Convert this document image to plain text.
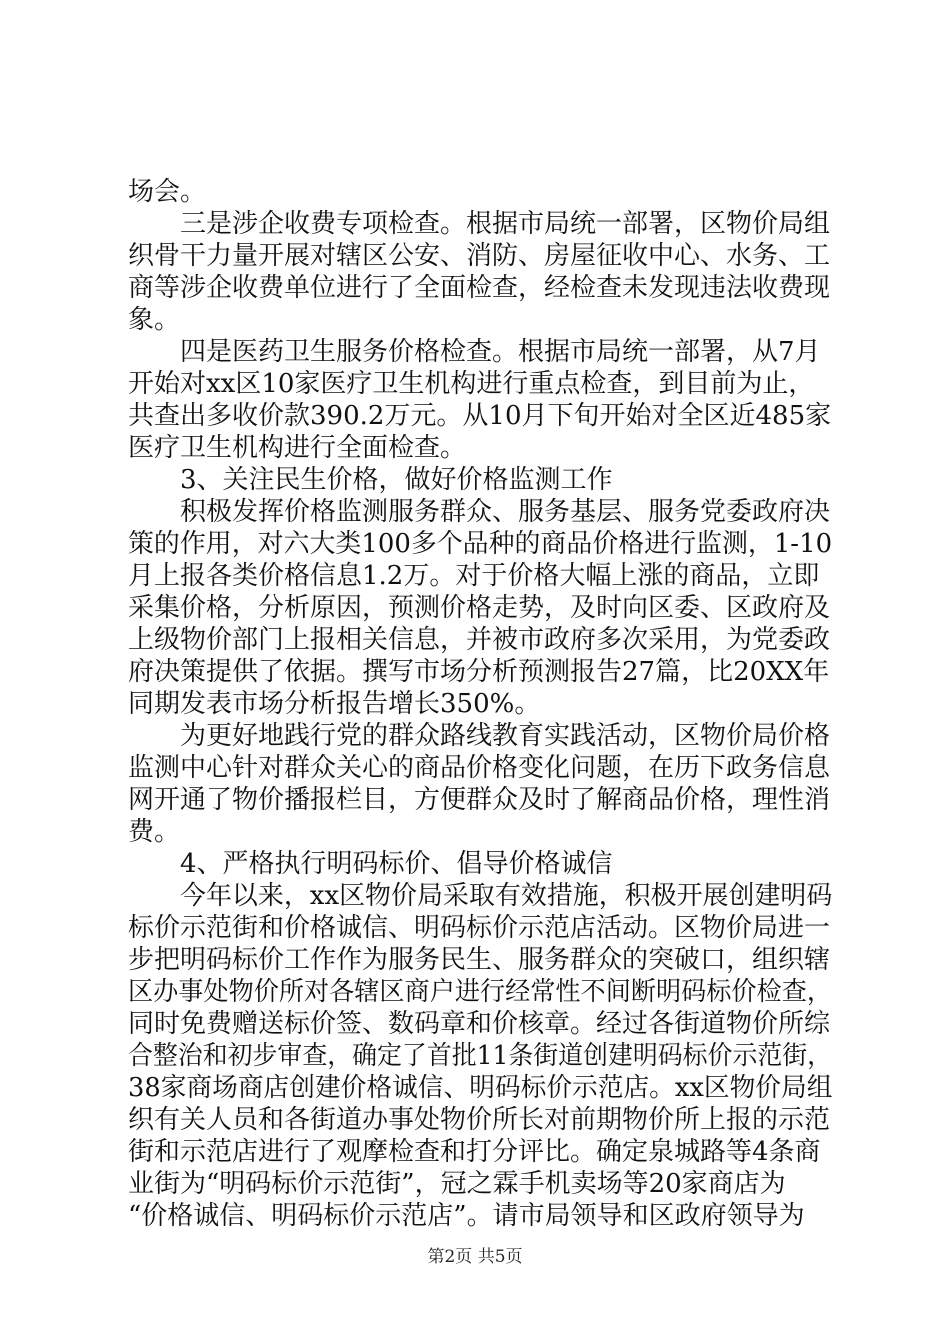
场会。
三是涉企收费专项检查。根据市局统一部署，区物价局组
织骨干力量开展对辖区公安、消防、房屋征收中心、水务、工
商等涉企收费单位进行了全面检查，经检查未发现违法收费现
象。
四是医药卫生服务价格检查。根据市局统一部署，从7月
开始对xx区10家医疗卫生机构进行重点检查，到目前为止，
共查出多收价款390.2万元。从10月下旬开始对全区近485家
医疗卫生机构进行全面检查。
3、关注民生价格，做好价格监测工作
积极发挥价格监测服务群众、服务基层、服务党委政府决
策的作用，对六大类100多个品种的商品价格进行监测，1-10
月上报各类价格信息1.2万。对于价格大幅上涨的商品，立即
采集价格，分析原因，预测价格走势，及时向区委、区政府及
上级物价部门上报相关信息，并被市政府多次采用，为党委政
府决策提供了依据。撰写市场分析预测报告27篇，比20XX年
同期发表市场分析报告增长350%。
为更好地践行党的群众路线教育实践活动，区物价局价格
监测中心针对群众关心的商品价格变化问题，在历下政务信息
网开通了物价播报栏目，方便群众及时了解商品价格，理性消
费。
4、严格执行明码标价、倡导价格诚信
今年以来，xx区物价局采取有效措施，积极开展创建明码
标价示范街和价格诚信、明码标价示范店活动。区物价局进一
步把明码标价工作作为服务民生、服务群众的突破口，组织辖
区办事处物价所对各辖区商户进行经常性不间断明码标价检查，
同时免费赠送标价签、数码章和价核章。经过各街道物价所综
合整治和初步审查，确定了首批11条街道创建明码标价示范街，
38家商场商店创建价格诚信、明码标价示范店。xx区物价局组
织有关人员和各街道办事处物价所长对前期物价所上报的示范
街和示范店进行了观摩检查和打分评比。确定泉城路等4条商
业街为“明码标价示范街”，冠之霖手机卖场等20家商店为
“价格诚信、明码标价示范店”。请市局领导和区政府领导为
第2页 共5页
